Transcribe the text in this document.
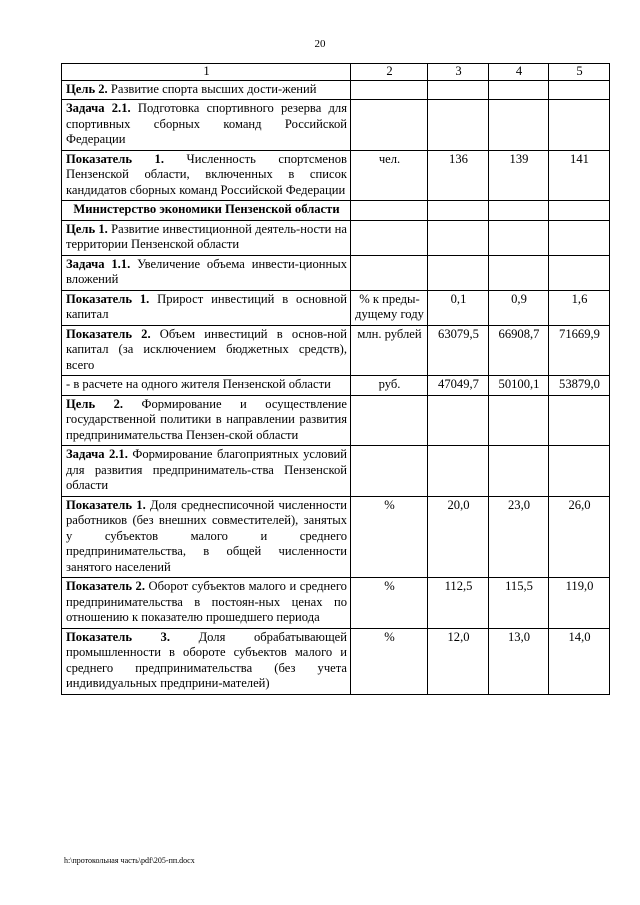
20
1	2	3	4	5
Цель 2. Развитие спорта высших дости-жений				
Задача 2.1. Подготовка спортивного резерва для спортивных сборных команд Российской Федерации				
Показатель 1. Численность спортсменов Пензенской области, включенных в список кандидатов сборных команд Российской Федерации	чел.	136	139	141
Министерство экономики Пензенской области				
Цель 1. Развитие инвестиционной деятель-ности на территории Пензенской области				
Задача 1.1. Увеличение объема инвести-ционных вложений				
Показатель 1. Прирост инвестиций в основной капитал	% к преды-дущему году	0,1	0,9	1,6
Показатель 2. Объем инвестиций в основ-ной капитал (за исключением бюджетных средств), всего	млн. рублей	63079,5	66908,7	71669,9
- в расчете на одного жителя Пензенской области	руб.	47049,7	50100,1	53879,0
Цель 2. Формирование и осуществление государственной политики в направлении развития предпринимательства Пензен-ской области				
Задача 2.1. Формирование благоприятных условий для развития предприниматель-ства Пензенской области				
Показатель 1. Доля среднесписочной численности работников (без внешних совместителей), занятых у субъектов малого и среднего предпринимательства, в общей численности занятого населений	%	20,0	23,0	26,0
Показатель 2. Оборот субъектов малого и среднего предпринимательства в постоян-ных ценах по отношению к показателю прошедшего периода	%	112,5	115,5	119,0
Показатель 3. Доля обрабатывающей промышленности в обороте субъектов малого и среднего предпринимательства (без учета индивидуальных предприни-мателей)	%	12,0	13,0	14,0
h:\протокольная часть\pdf\205-пп.docx
